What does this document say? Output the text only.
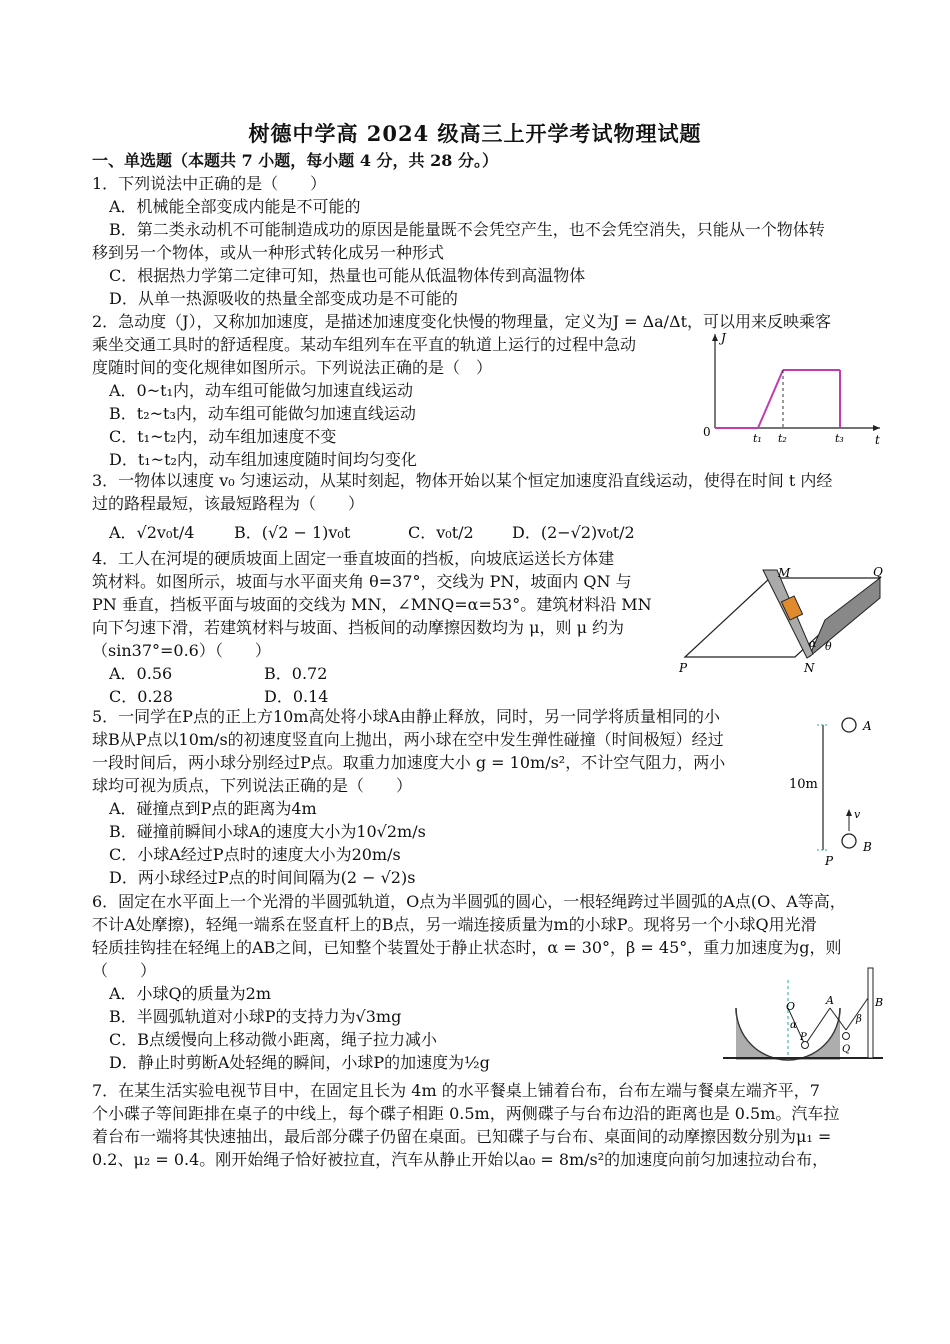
树德中学高 2024 级高三上开学考试物理试题
一、单选题（本题共 7 小题，每小题 4 分，共 28 分。）
1．下列说法中正确的是（　　）
A．机械能全部变成内能是不可能的
B．第二类永动机不可能制造成功的原因是能量既不会凭空产生，也不会凭空消失，只能从一个物体转
移到另一个物体，或从一种形式转化成另一种形式
C．根据热力学第二定律可知，热量也可能从低温物体传到高温物体
D．从单一热源吸收的热量全部变成功是不可能的
2．急动度（J），又称加加速度，是描述加速度变化快慢的物理量，定义为J = Δa/Δt，可以用来反映乘客
乘坐交通工具时的舒适程度。某动车组列车在平直的轨道上运行的过程中急动
度随时间的变化规律如图所示。下列说法正确的是（　）
A．0~t₁内，动车组可能做匀加速直线运动
B．t₂~t₃内，动车组可能做匀加速直线运动
C．t₁~t₂内，动车组加速度不变
D．t₁~t₂内，动车组加速度随时间均匀变化
J
0
t
t₁ t₂	t₃
3．一物体以速度 v₀ 匀速运动，从某时刻起，物体开始以某个恒定加速度沿直线运动，使得在时间 t 内经
过的路程最短，该最短路程为（　　）
A．√2v₀t/4 B．(√2 − 1)v₀t	C．v₀t/2 D．(2−√2)v₀t/2
4．工人在河堤的硬质坡面上固定一垂直坡面的挡板，向坡底运送长方体建
筑材料。如图所示，坡面与水平面夹角 θ=37°，交线为 PN，坡面内 QN 与
PN 垂直，挡板平面与坡面的交线为 MN，∠MNQ=α=53°。建筑材料沿 MN
向下匀速下滑，若建筑材料与坡面、挡板间的动摩擦因数均为 μ，则 μ 约为
（sin37°=0.6）（　　）
A．0.56	B．0.72
C．0.28	D．0.14
M	Q
P	N
α θ
5．一同学在P点的正上方10m高处将小球A由静止释放，同时，另一同学将质量相同的小
球B从P点以10m/s的初速度竖直向上抛出，两小球在空中发生弹性碰撞（时间极短）经过
一段时间后，两小球分别经过P点。取重力加速度大小 g = 10m/s²，不计空气阻力，两小
球均可视为质点，下列说法正确的是（　　）
A．碰撞点到P点的距离为4m
B．碰撞前瞬间小球A的速度大小为10√2m/s
C．小球A经过P点时的速度大小为20m/s
D．两小球经过P点的时间间隔为(2 − √2)s
A
B
P
10m
v
6．固定在水平面上一个光滑的半圆弧轨道，O点为半圆弧的圆心，一根轻绳跨过半圆弧的A点(O、A等高，
不计A处摩擦)，轻绳一端系在竖直杆上的B点，另一端连接质量为m的小球P。现将另一个小球Q用光滑
轻质挂钩挂在轻绳上的AB之间，已知整个装置处于静止状态时，α = 30°，β = 45°，重力加速度为g，则
（　　）
A．小球Q的质量为2m
B．半圆弧轨道对小球P的支持力为√3mg
C．B点缓慢向上移动微小距离，绳子拉力减小
D．静止时剪断A处轻绳的瞬间，小球P的加速度为½g
O	A	B
P
Q
α
β
7．在某生活实验电视节目中，在固定且长为 4m 的水平餐桌上铺着台布，台布左端与餐桌左端齐平，7
个小碟子等间距排在桌子的中线上，每个碟子相距 0.5m，两侧碟子与台布边沿的距离也是 0.5m。汽车拉
着台布一端将其快速抽出，最后部分碟子仍留在桌面。已知碟子与台布、桌面间的动摩擦因数分别为μ₁ =
0.2、μ₂ = 0.4。刚开始绳子恰好被拉直，汽车从静止开始以a₀ = 8m/s²的加速度向前匀加速拉动台布，
